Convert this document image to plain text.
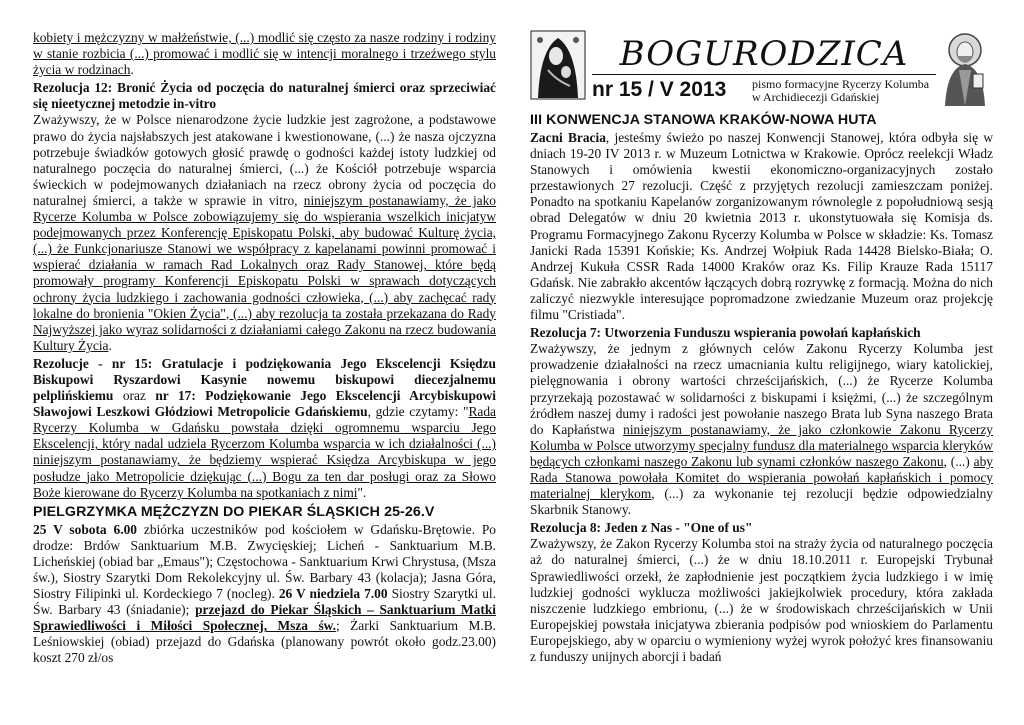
kobiety i mężczyzny w małżeństwie, (...) modlić się często za nasze rodziny i rodziny w stanie rozbicia (...) promować i modlić się w intencji moralnego i trzeźwego stylu życia w rodzinach.

Rezolucja 12: Bronić Życia od poczęcia do naturalnej śmierci oraz sprzeciwiać się nieetycznej metodzie in-vitro

Zważywszy, że w Polsce nienarodzone życie ludzkie jest zagrożone, a podstawowe prawo do życia najsłabszych jest atakowane i kwestionowane, (...) że nasza ojczyzna potrzebuje świadków gotowych głosić prawdę o godności każdej istoty ludzkiej od naturalnego poczęcia do naturalnej śmierci, (...) że Kościół potrzebuje wsparcia świeckich w podejmowanych działaniach na rzecz obrony życia od poczęcia do naturalnej śmierci, a także w sprawie in vitro, niniejszym postanawiamy, że jako Rycerze Kolumba w Polsce zobowiązujemy się do wspierania wszelkich inicjatyw podejmowanych przez Konferencję Episkopatu Polski, aby budować Kulturę życia, (...) że Funkcjonariusze Stanowi we współpracy z kapelanami powinni promować i wspierać działania w ramach Rad Lokalnych oraz Rady Stanowej, które będą promowały programy Konferencji Episkopatu Polski w sprawach dotyczących ochrony życia ludzkiego i zachowania godności człowieka, (...) aby zachęcać rady lokalne do bronienia "Okien Życia", (...) aby rezolucja ta została przekazana do Rady Najwyższej jako wyraz solidarności z działaniami całego Zakonu na rzecz budowania Kultury Życia.

Rezolucje - nr 15: Gratulacje i podziękowania Jego Ekscelencji Księdzu Biskupowi Ryszardowi Kasynie nowemu biskupowi diecezjalnemu pelplińskiemu oraz nr 17: Podziękowanie Jego Ekscelencji Arcybiskupowi Sławojowi Leszkowi Głódziowi Metropolicie Gdańskiemu, gdzie czytamy: "Rada Rycerzy Kolumba w Gdańsku powstała dzięki ogromnemu wsparciu Jego Ekscelencji, który nadal udziela Rycerzom Kolumba wsparcia w ich działalności (...) niniejszym postanawiamy, że będziemy wspierać Księdza Arcybiskupa w jego posłudze jako Metropolicie dziękując (...) Bogu za ten dar posługi oraz za Słowo Boże kierowane do Rycerzy Kolumba na spotkaniach z nimi".

PIELGRZYMKA MĘŻCZYZN DO PIEKAR ŚLĄSKICH 25-26.V

25 V sobota 6.00 zbiórka uczestników pod kościołem w Gdańsku-Brętowie. Po drodze: Brdów Sanktuarium M.B. Zwycięskiej; Licheń - Sanktuarium M.B. Licheńskiej (obiad bar „Emaus"); Częstochowa - Sanktuarium Krwi Chrystusa, (Msza św.), Siostry Szarytki Dom Rekolekcyjny ul. Św. Barbary 43 (kolacja); Jasna Góra, Siostry Filipinki ul. Kordeckiego 7 (nocleg). 26 V niedziela 7.00 Siostry Szarytki ul. Św. Barbary 43 (śniadanie); przejazd do Piekar Śląskich – Sanktuarium Matki Sprawiedliwości i Miłości Społecznej, Msza św.; Żarki Sanktuarium M.B. Leśniowskiej (obiad) przejazd do Gdańska (planowany powrót około godz.23.00) koszt 270 zł/os

BOGURODZICA
nr 15 / V 2013 pismo formacyjne Rycerzy Kolumba
w Archidiecezji Gdańskiej
III KONWENCJA STANOWA KRAKÓW-NOWA HUTA

Zacni Bracia, jesteśmy świeżo po naszej Konwencji Stanowej, która odbyła się w dniach 19-20 IV 2013 r. w Muzeum Lotnictwa w Krakowie. Oprócz reelekcji Władz Stanowych i omówienia kwestii ekonomiczno-organizacyjnych zostało przestawionych 27 rezolucji. Część z przyjętych rezolucji zamieszczam poniżej. Ponadto na spotkaniu Kapelanów zorganizowanym równolegle z popołudniową sesją obrad Delegatów w dniu 20 kwietnia 2013 r. ukonstytuowała się Komisja ds. Programu Formacyjnego Zakonu Rycerzy Kolumba w Polsce w składzie: Ks. Tomasz Janicki Rada 15391 Końskie; Ks. Andrzej Wołpiuk Rada 14428 Bielsko-Biała; O. Andrzej Kukuła CSSR Rada 14000 Kraków oraz Ks. Filip Krauze Rada 15117 Gdańsk. Nie zabrakło akcentów łączących dobrą rozrywkę z formacją. Można do nich zaliczyć niezwykle interesujące popromadzone zwiedzanie Muzeum oraz projekcję filmu "Cristiada".

Rezolucja 7: Utworzenia Funduszu wspierania powołań kapłańskich

Zważywszy, że jednym z głównych celów Zakonu Rycerzy Kolumba jest prowadzenie działalności na rzecz umacniania kultu religijnego, wiary katolickiej, pielęgnowania i obrony wartości chrześcijańskich, (...) że Rycerze Kolumba przyrzekają pozostawać w solidarności z biskupami i księżmi, (...) że szczególnym źródłem naszej dumy i radości jest powołanie naszego Brata lub Syna naszego Brata do Kapłaństwa niniejszym postanawiamy, że jako członkowie Zakonu Rycerzy Kolumba w Polsce utworzymy specjalny fundusz dla materialnego wsparcia kleryków będących członkami naszego Zakonu lub synami członków naszego Zakonu, (...) aby Rada Stanowa powołała Komitet do wspierania powołań kapłańskich i pomocy materialnej klerykom, (...) za wykonanie tej rezolucji będzie odpowiedzialny Skarbnik Stanowy.

Rezolucja 8: Jeden z Nas - "One of us"

Zważywszy, że Zakon Rycerzy Kolumba stoi na straży życia od naturalnego poczęcia aż do naturalnej śmierci, (...) że w dniu 18.10.2011 r. Europejski Trybunał Sprawiedliwości orzekł, że zapłodnienie jest początkiem życia ludzkiego i w imię ludzkiej godności wyklucza możliwości jakiejkolwiek procedury, która zakłada niszczenie ludzkiego embrionu, (...) że w środowiskach chrześcijańskich w Unii Europejskiej powstała inicjatywa zbierania podpisów pod wnioskiem do Parlamentu Europejskiego, aby w oparciu o wymieniony wyżej wyrok położyć kres finansowaniu z funduszy unijnych aborcji i badań
